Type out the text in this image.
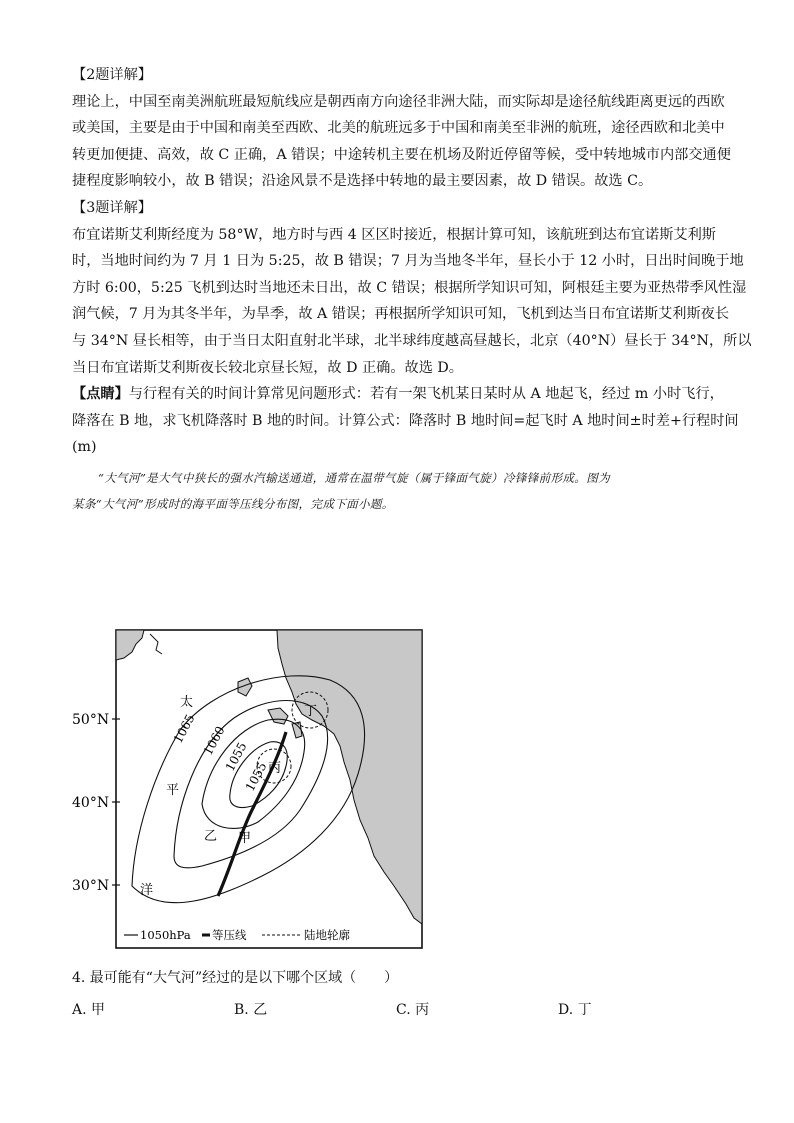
【2题详解】
理论上，中国至南美洲航班最短航线应是朝西南方向途径非洲大陆，而实际却是途径航线距离更远的西欧
或美国，主要是由于中国和南美至西欧、北美的航班远多于中国和南美至非洲的航班，途径西欧和北美中
转更加便捷、高效，故 C 正确，A 错误；中途转机主要在机场及附近停留等候，受中转地城市内部交通便
捷程度影响较小，故 B 错误；沿途风景不是选择中转地的最主要因素，故 D 错误。故选 C。
【3题详解】
布宜诺斯艾利斯经度为 58°W，地方时与西 4 区区时接近，根据计算可知，该航班到达布宜诺斯艾利斯
时，当地时间约为 7 月 1 日为 5:25，故 B 错误；7 月为当地冬半年，昼长小于 12 小时，日出时间晚于地
方时 6:00，5:25 飞机到达时当地还未日出，故 C 错误；根据所学知识可知，阿根廷主要为亚热带季风性湿
润气候，7 月为其冬半年，为旱季，故 A 错误；再根据所学知识可知，飞机到达当日布宜诺斯艾利斯夜长
与 34°N 昼长相等，由于当日太阳直射北半球，北半球纬度越高昼越长，北京（40°N）昼长于 34°N，所以
当日布宜诺斯艾利斯夜长较北京昼长短，故 D 正确。故选 D。
【点睛】与行程有关的时间计算常见问题形式：若有一架飞机某日某时从 A 地起飞，经过 m 小时飞行，
降落在 B 地，求飞机降落时 B 地的时间。计算公式：降落时 B 地时间=起飞时 A 地时间±时差+行程时间
(m)
“大气河”是大气中狭长的强水汽输送通道，通常在温带气旋（属于锋面气旋）冷锋锋前形成。图为
某条“大气河”形成时的海平面等压线分布图，完成下面小题。
50°N
40°N
30°N
太
平
洋
1065 1060
1055
1055
甲
乙
丙
丁
1050hPa 等压线	陆地轮廓
4. 最可能有“大气河”经过的是以下哪个区域（　　）
A. 甲	B. 乙	C. 丙	D. 丁
